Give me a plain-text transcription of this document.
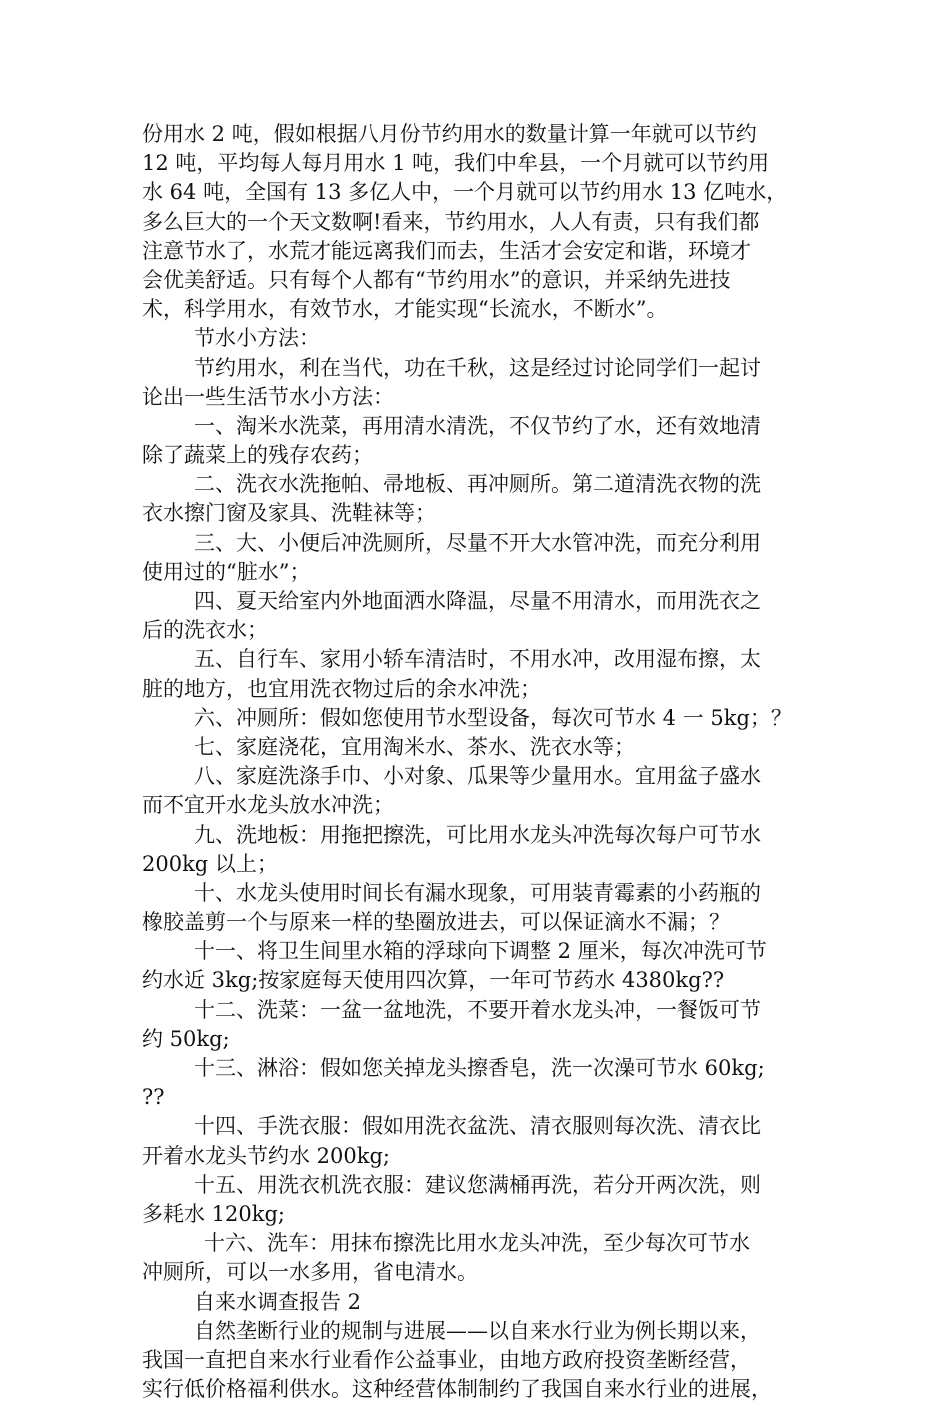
份用水 2 吨，假如根据八月份节约用水的数量计算一年就可以节约
12 吨，平均每人每月用水 1 吨，我们中牟县，一个月就可以节约用
水 64 吨，全国有 13 多亿人中，一个月就可以节约用水 13 亿吨水，
多么巨大的一个天文数啊!看来，节约用水，人人有责，只有我们都
注意节水了，水荒才能远离我们而去，生活才会安定和谐，环境才
会优美舒适。只有每个人都有“节约用水”的意识，并采纳先进技
术，科学用水，有效节水，才能实现“长流水，不断水”。
节水小方法：
节约用水，利在当代，功在千秋，这是经过讨论同学们一起讨
论出一些生活节水小方法：
一、淘米水洗菜，再用清水清洗，不仅节约了水，还有效地清
除了蔬菜上的残存农药；
二、洗衣水洗拖帕、帚地板、再冲厕所。第二道清洗衣物的洗
衣水擦门窗及家具、洗鞋袜等；
三、大、小便后冲洗厕所，尽量不开大水管冲洗，而充分利用
使用过的“脏水”；
四、夏天给室内外地面洒水降温，尽量不用清水，而用洗衣之
后的洗衣水；
五、自行车、家用小轿车清洁时，不用水冲，改用湿布擦，太
脏的地方，也宜用洗衣物过后的余水冲洗；
六、冲厕所：假如您使用节水型设备，每次可节水 4 一 5kg；？
七、家庭浇花，宜用淘米水、茶水、洗衣水等；
八、家庭洗涤手巾、小对象、瓜果等少量用水。宜用盆子盛水
而不宜开水龙头放水冲洗；
九、洗地板：用拖把擦洗，可比用水龙头冲洗每次每户可节水
200kg 以上；
十、水龙头使用时间长有漏水现象，可用装青霉素的小药瓶的
橡胶盖剪一个与原来一样的垫圈放进去，可以保证滴水不漏；？
十一、将卫生间里水箱的浮球向下调整 2 厘米，每次冲洗可节
约水近 3kg;按家庭每天使用四次算，一年可节药水 4380kg??
十二、洗菜：一盆一盆地洗，不要开着水龙头冲，一餐饭可节
约 50kg;
十三、淋浴：假如您关掉龙头擦香皂，洗一次澡可节水 60kg;
??
十四、手洗衣服：假如用洗衣盆洗、清衣服则每次洗、清衣比
开着水龙头节约水 200kg;
十五、用洗衣机洗衣服：建议您满桶再洗，若分开两次洗，则
多耗水 120kg;
十六、洗车：用抹布擦洗比用水龙头冲洗，至少每次可节水
冲厕所，可以一水多用，省电清水。
自来水调查报告 2
自然垄断行业的规制与进展——以自来水行业为例长期以来，
我国一直把自来水行业看作公益事业，由地方政府投资垄断经营，
实行低价格福利供水。这种经营体制制约了我国自来水行业的进展，
